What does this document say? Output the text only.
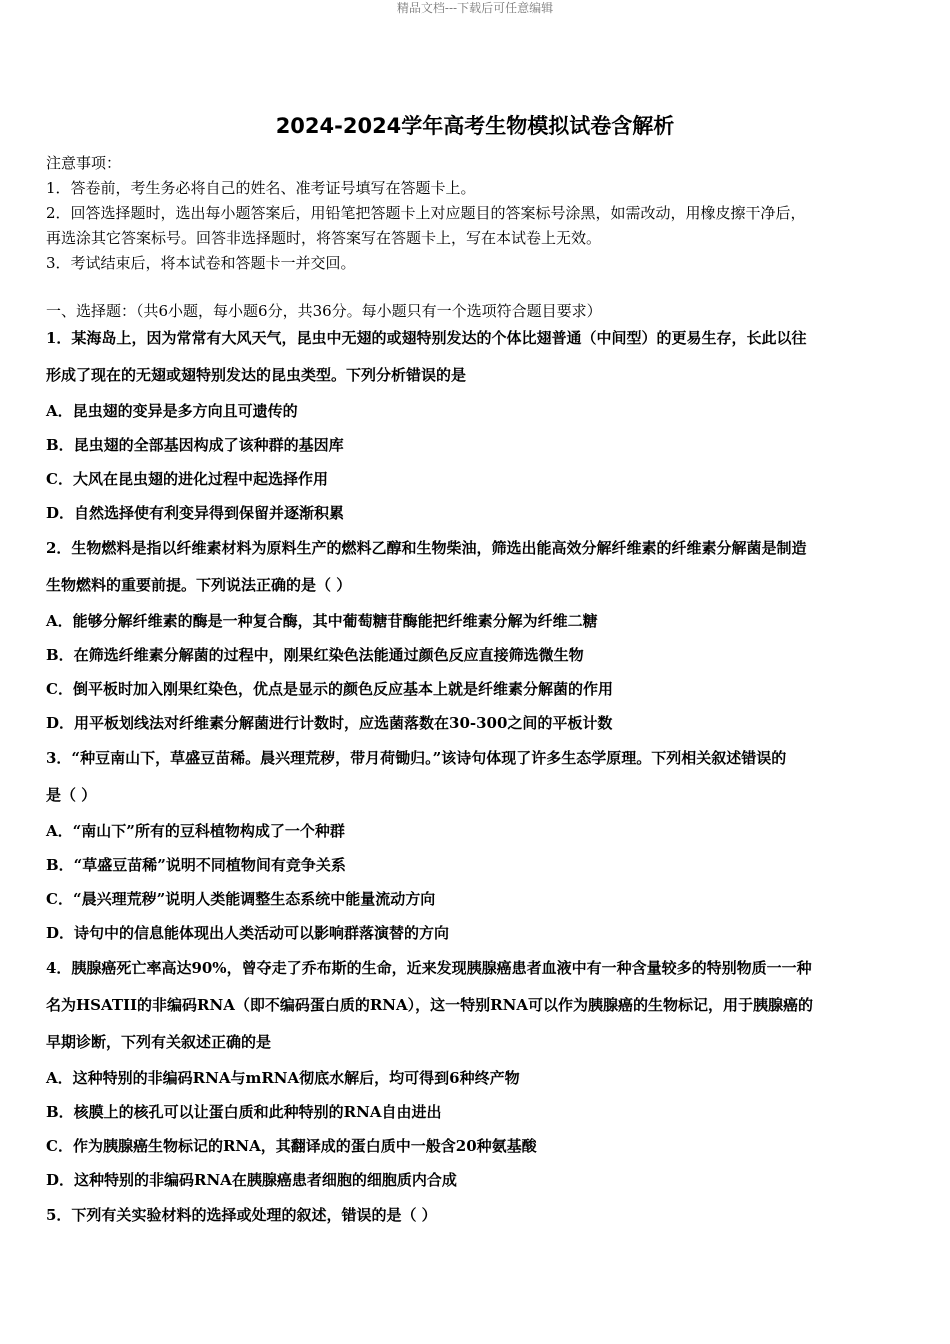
精品文档---下载后可任意编辑
2024-2024学年高考生物模拟试卷含解析
注意事项：
1．答卷前，考生务必将自己的姓名、准考证号填写在答题卡上。
2．回答选择题时，选出每小题答案后，用铅笔把答题卡上对应题目的答案标号涂黑，如需改动，用橡皮擦干净后，
再选涂其它答案标号。回答非选择题时，将答案写在答题卡上，写在本试卷上无效。
3．考试结束后，将本试卷和答题卡一并交回。
一、选择题：（共6小题，每小题6分，共36分。每小题只有一个选项符合题目要求）
1．某海岛上，因为常常有大风天气，昆虫中无翅的或翅特别发达的个体比翅普通（中间型）的更易生存，长此以往
形成了现在的无翅或翅特别发达的昆虫类型。下列分析错误的是
A．昆虫翅的变异是多方向且可遗传的
B．昆虫翅的全部基因构成了该种群的基因库
C．大风在昆虫翅的进化过程中起选择作用
D．自然选择使有利变异得到保留并逐渐积累
2．生物燃料是指以纤维素材料为原料生产的燃料乙醇和生物柴油，筛选出能高效分解纤维素的纤维素分解菌是制造
生物燃料的重要前提。下列说法正确的是（ ）
A．能够分解纤维素的酶是一种复合酶，其中葡萄糖苷酶能把纤维素分解为纤维二糖
B．在筛选纤维素分解菌的过程中，刚果红染色法能通过颜色反应直接筛选微生物
C．倒平板时加入刚果红染色，优点是显示的颜色反应基本上就是纤维素分解菌的作用
D．用平板划线法对纤维素分解菌进行计数时，应选菌落数在30-300之间的平板计数
3．“种豆南山下，草盛豆苗稀。晨兴理荒秽，带月荷锄归。”该诗句体现了许多生态学原理。下列相关叙述错误的
是（ ）
A．“南山下”所有的豆科植物构成了一个种群
B．“草盛豆苗稀”说明不同植物间有竞争关系
C．“晨兴理荒秽”说明人类能调整生态系统中能量流动方向
D．诗句中的信息能体现出人类活动可以影响群落演替的方向
4．胰腺癌死亡率高达90%，曾夺走了乔布斯的生命，近来发现胰腺癌患者血液中有一种含量较多的特别物质一一种
名为HSATII的非编码RNA（即不编码蛋白质的RNA），这一特别RNA可以作为胰腺癌的生物标记，用于胰腺癌的
早期诊断，下列有关叙述正确的是
A．这种特别的非编码RNA与mRNA彻底水解后，均可得到6种终产物
B．核膜上的核孔可以让蛋白质和此种特别的RNA自由进出
C．作为胰腺癌生物标记的RNA，其翻译成的蛋白质中一般含20种氨基酸
D．这种特别的非编码RNA在胰腺癌患者细胞的细胞质内合成
5．下列有关实验材料的选择或处理的叙述，错误的是（ ）
